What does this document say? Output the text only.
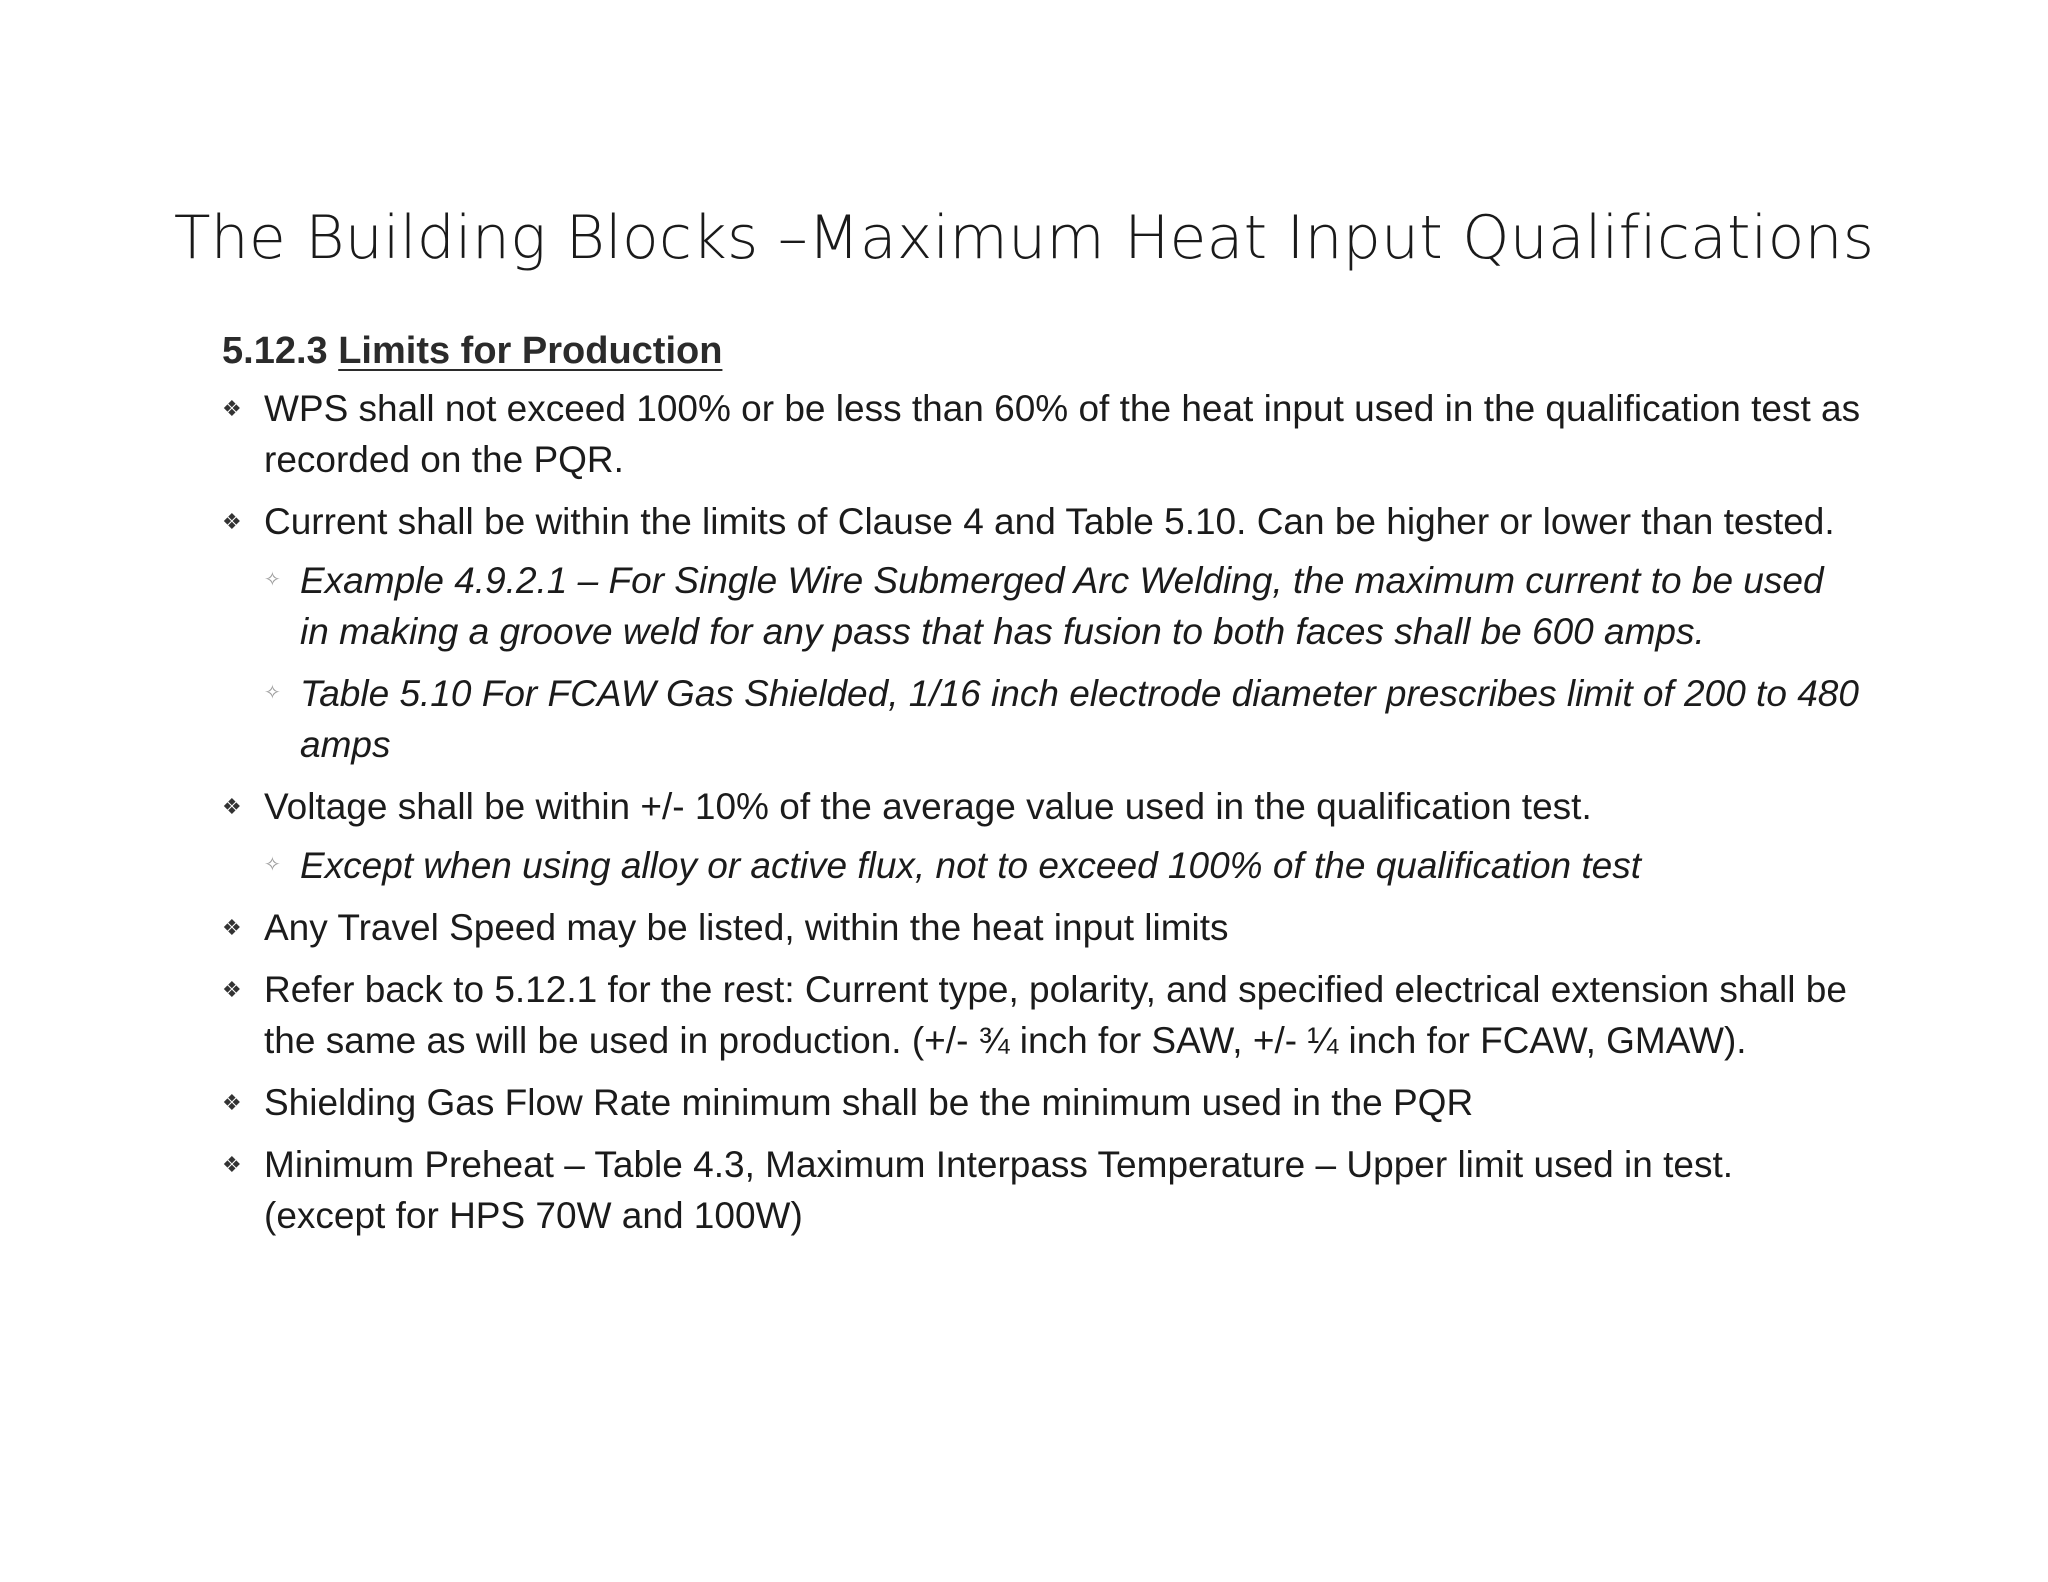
The Building Blocks –Maximum Heat Input Qualifications
5.12.3 Limits for Production
❖ WPS shall not exceed 100% or be less than 60% of the heat input used in the qualification test as recorded on the PQR.
❖ Current shall be within the limits of Clause 4 and Table 5.10. Can be higher or lower than tested.
✧ Example 4.9.2.1 – For Single Wire Submerged Arc Welding, the maximum current to be used in making a groove weld for any pass that has fusion to both faces shall be 600 amps.
✧ Table 5.10 For FCAW Gas Shielded, 1/16 inch electrode diameter prescribes limit of 200 to 480 amps
❖ Voltage shall be within +/- 10% of the average value used in the qualification test.
✧ Except when using alloy or active flux, not to exceed 100% of the qualification test
❖ Any Travel Speed may be listed, within the heat input limits
❖ Refer back to 5.12.1 for the rest: Current type, polarity, and specified electrical extension shall be the same as will be used in production. (+/- ¾ inch for SAW, +/- ¼ inch for FCAW, GMAW).
❖ Shielding Gas Flow Rate minimum shall be the minimum used in the PQR
❖ Minimum Preheat – Table 4.3, Maximum Interpass Temperature – Upper limit used in test. (except for HPS 70W and 100W)
